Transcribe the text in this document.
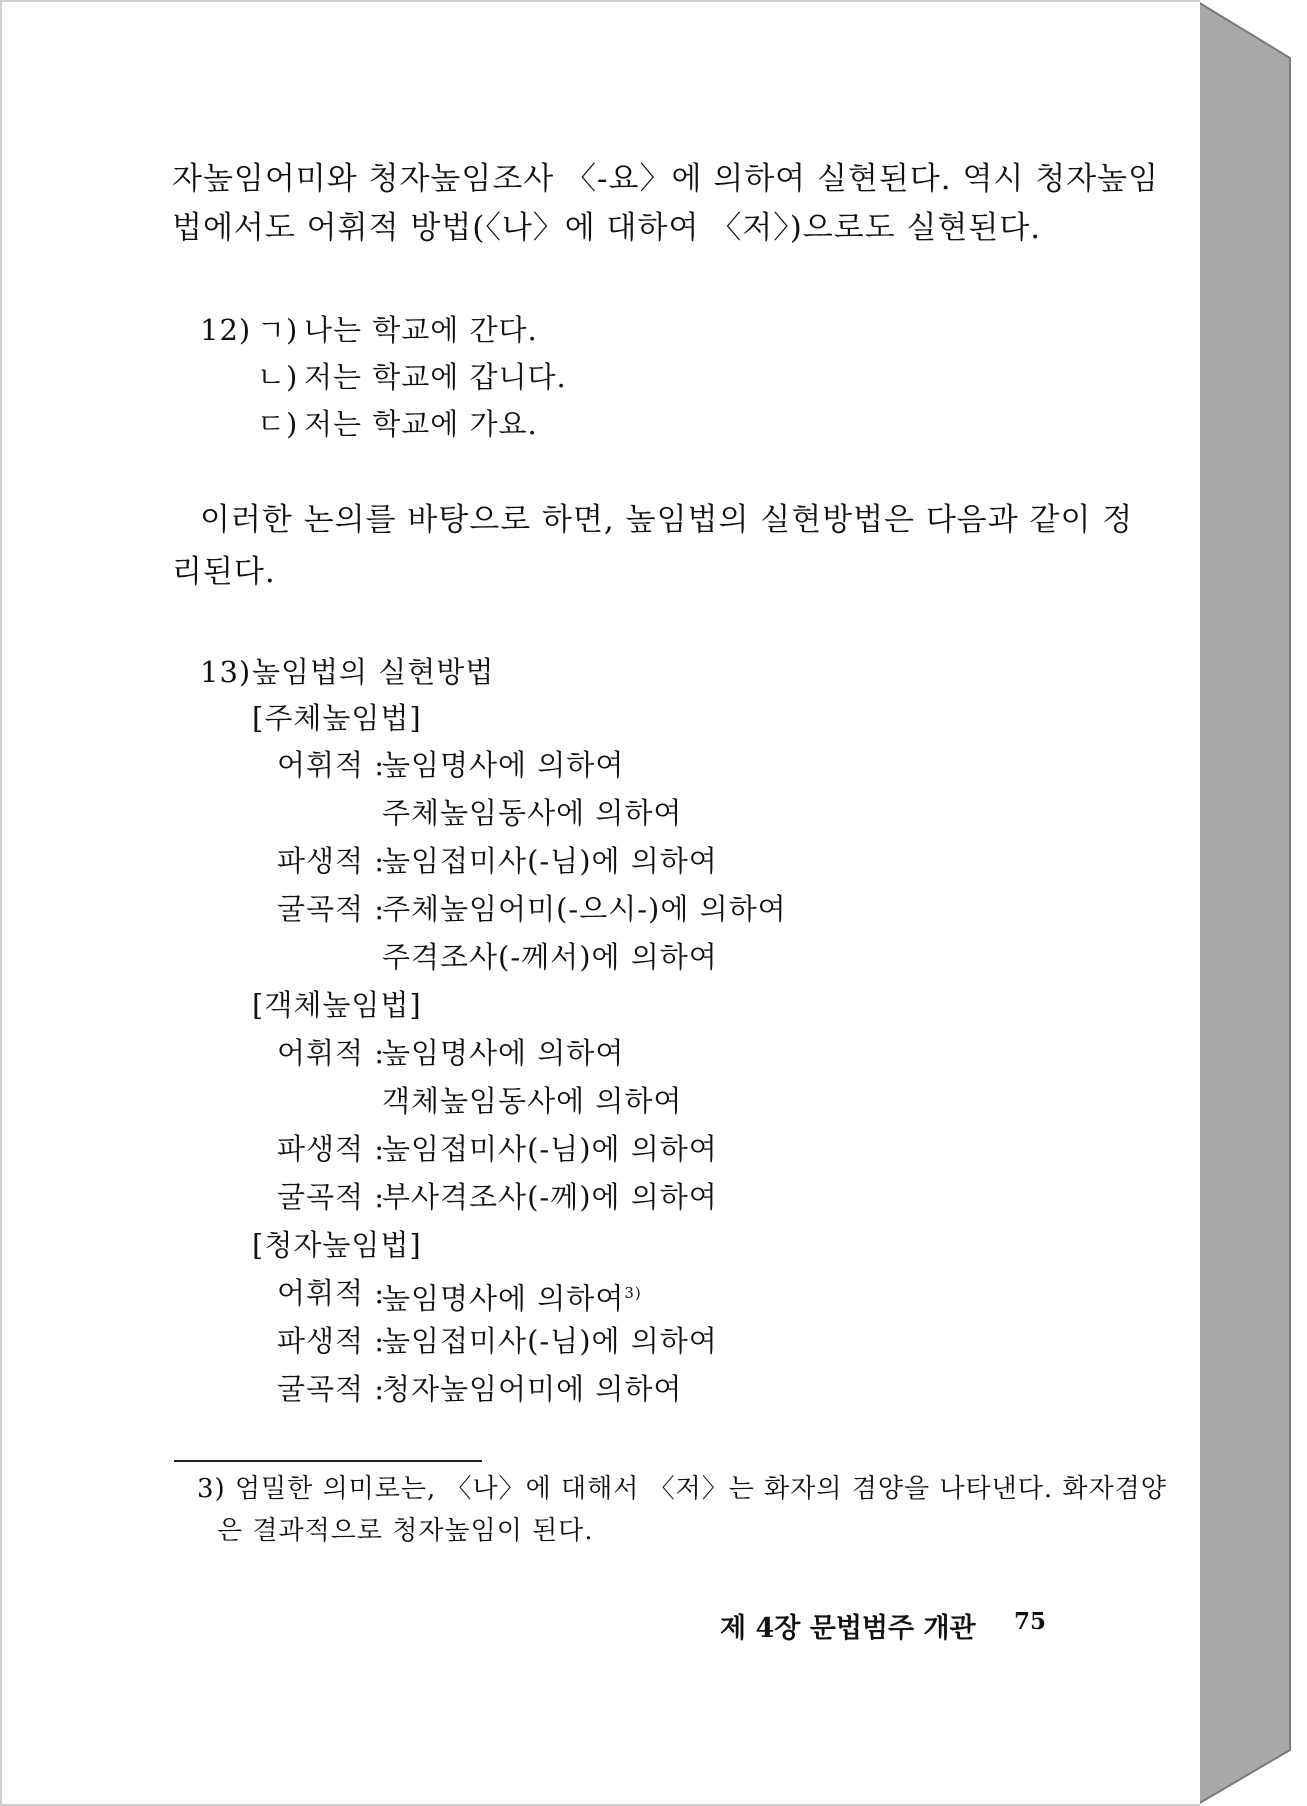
자높임어미와 청자높임조사 〈-요〉에 의하여 실현된다. 역시 청자높임
법에서도 어휘적 방법(〈나〉에 대하여 〈저〉)으로도 실현된다.
12) ㄱ) 나는 학교에 간다.
ㄴ) 저는 학교에 갑니다.
ㄷ) 저는 학교에 가요.
이러한 논의를 바탕으로 하면, 높임법의 실현방법은 다음과 같이 정
리된다.
13) 높임법의 실현방법
[주체높임법]
어휘적 :
높임명사에 의하여
주체높임동사에 의하여
파생적 :
높임접미사(-님)에 의하여
굴곡적 :
주체높임어미(-으시-)에 의하여
주격조사(-께서)에 의하여
[객체높임법]
어휘적 :
높임명사에 의하여
객체높임동사에 의하여
파생적 :
높임접미사(-님)에 의하여
굴곡적 :
부사격조사(-께)에 의하여
[청자높임법]
어휘적 :
높임명사에 의하여$^{3)}$
파생적 :
높임접미사(-님)에 의하여
굴곡적 :
청자높임어미에 의하여
3) 엄밀한 의미로는, 〈나〉에 대해서 〈저〉는 화자의 겸양을 나타낸다. 화자겸양
은 결과적으로 청자높임이 된다.
제 4장 문법범주 개관 75
